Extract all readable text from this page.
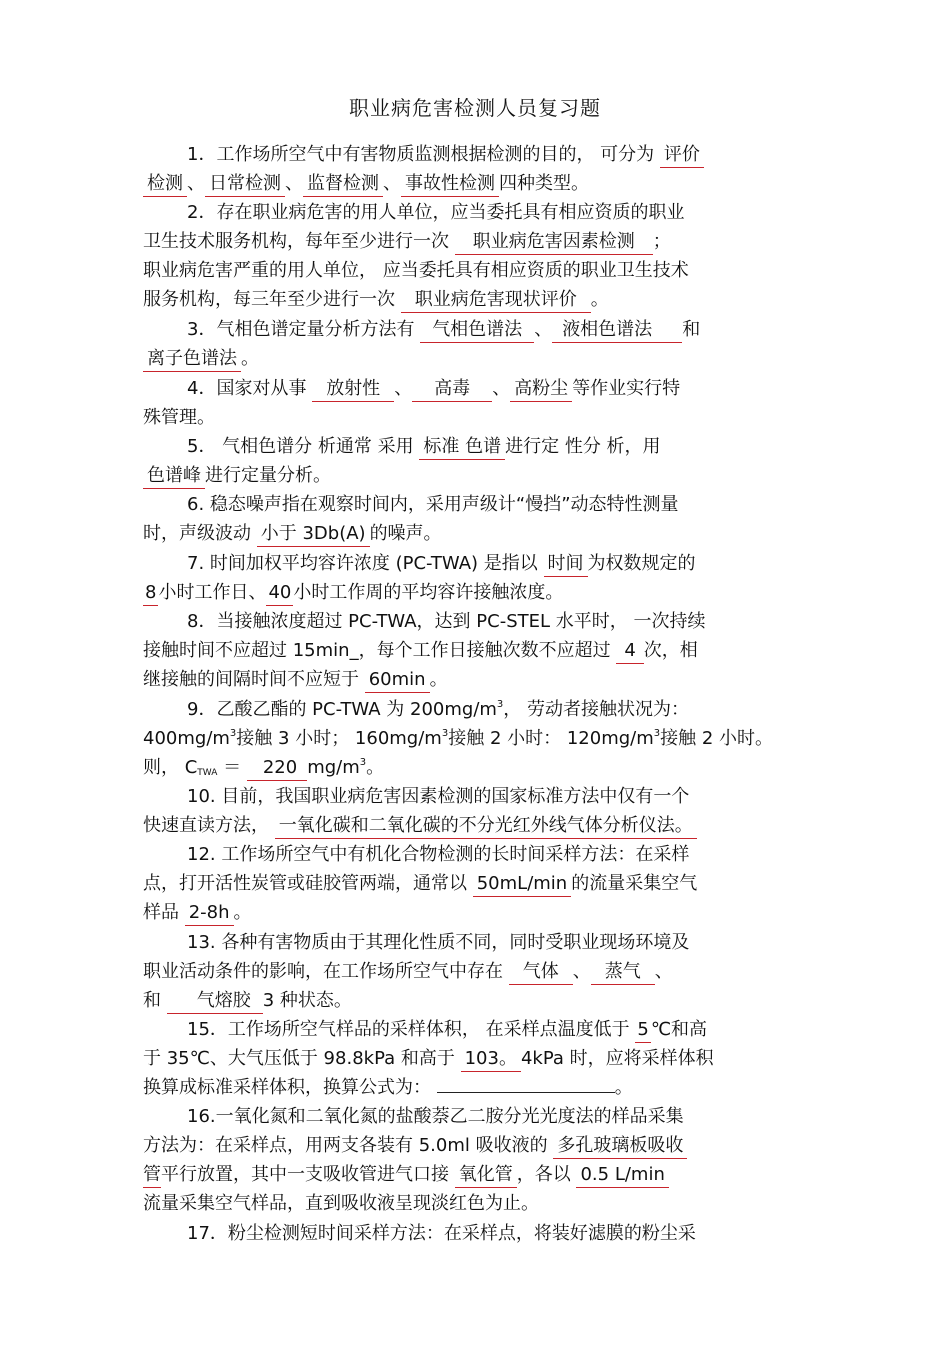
职业病危害检测人员复习题
1．工作场所空气中有害物质监测根据检测的目的， 可分为 评价
检测 、 日常检测 、 监督检测 、 事故性检测 四种类型。
2．存在职业病危害的用人单位，应当委托具有相应资质的职业
卫生技术服务机构，每年至少进行一次 职业病危害因素检测 ；
职业病危害严重的用人单位， 应当委托具有相应资质的职业卫生技术
服务机构，每三年至少进行一次 职业病危害现状评价 。
3．气相色谱定量分析方法有 气相色谱法 、 液相色谱法 和
离子色谱法 。
4．国家对从事 放射性 、 高毒 、 高粉尘 等作业实行特
殊管理。
5． 气相色谱分 析通常 采用 标准 色谱 进行定 性分 析，用
色谱峰 进行定量分析。
6. 稳态噪声指在观察时间内，采用声级计“慢挡”动态特性测量
时，声级波动 小于 3Db(A) 的噪声。
7. 时间加权平均容许浓度 (PC-TWA) 是指以 时间 为权数规定的
8 小时工作日、 40 小时工作周的平均容许接触浓度。
8．当接触浓度超过 PC-TWA，达到 PC-STEL 水平时， 一次持续
接触时间不应超过 15min_，每个工作日接触次数不应超过 4 次，相
继接触的间隔时间不应短于 60min 。
9．乙酸乙酯的 PC-TWA 为 $200mg/m^3$， 劳动者接触状况为：
$400mg/m^3$接触 3 小时； $160mg/m^3$接触 2 小时： $120mg/m^3$接触 2 小时。
则， $C_{TWA} = 220$ $mg/m^3$。
10. 目前，我国职业病危害因素检测的国家标准方法中仅有一个
快速直读方法， 一氧化碳和二氧化碳的不分光红外线气体分析仪法。
12. 工作场所空气中有机化合物检测的长时间采样方法：在采样
点，打开活性炭管或硅胶管两端，通常以 50mL/min 的流量采集空气
样品 2-8h 。
13. 各种有害物质由于其理化性质不同，同时受职业现场环境及
职业活动条件的影响，在工作场所空气中存在 气体 、 蒸气 、
和 气熔胶 3 种状态。
15．工作场所空气样品的采样体积， 在采样点温度低于 5 ℃和高
于 35℃、大气压低于 98.8kPa 和高于 103。 4kPa 时，应将采样体积
换算成标准采样体积，换算公式为：	。
16.一氧化氮和二氧化氮的盐酸萘乙二胺分光光度法的样品采集
方法为：在采样点，用两支各装有 5.0ml 吸收液的 多孔玻璃板吸收
管平行放置，其中一支吸收管进气口接 氧化管 ，各以 0.5 L/min
流量采集空气样品，直到吸收液呈现淡红色为止。
17．粉尘检测短时间采样方法：在采样点，将装好滤膜的粉尘采
